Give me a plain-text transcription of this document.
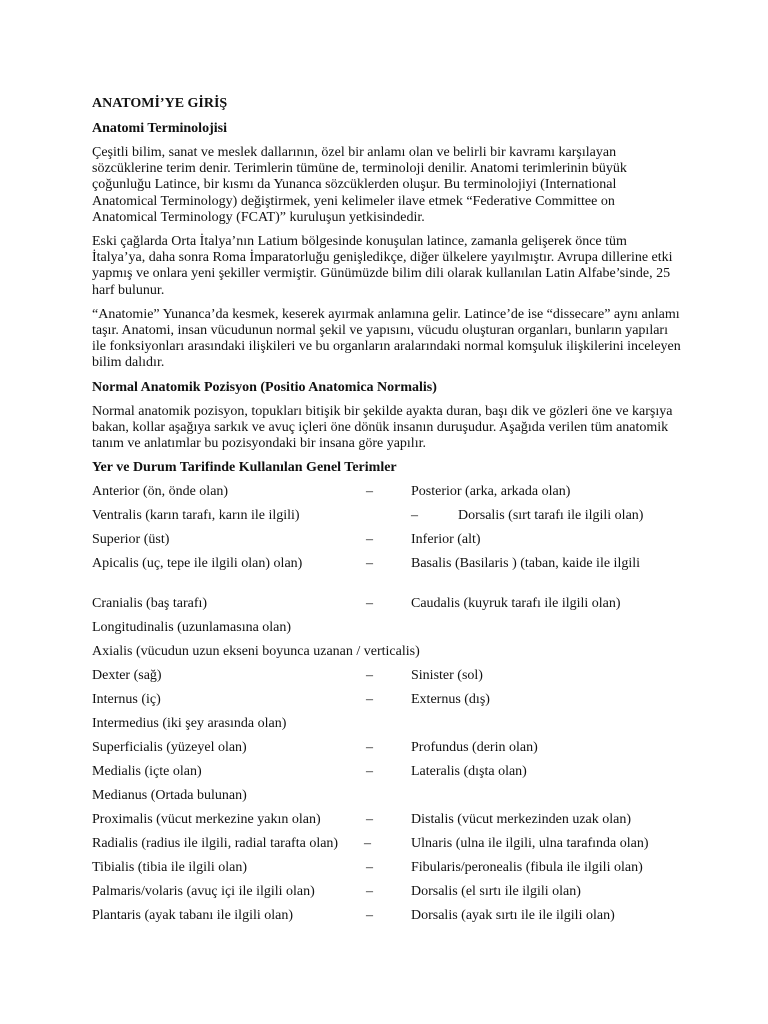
ANATOMİ’YE GİRİŞ
Anatomi Terminolojisi

Çeşitli bilim, sanat ve meslek dallarının, özel bir anlamı olan ve belirli bir kavramı karşılayan sözcüklerine terim denir. Terimlerin tümüne de, terminoloji denilir. Anatomi terimlerinin büyük çoğunluğu Latince, bir kısmı da Yunanca sözcüklerden oluşur. Bu terminolojiyi (International Anatomical Terminology) değiştirmek, yeni kelimeler ilave etmek “Federative Committee on Anatomical Terminology (FCAT)” kuruluşun yetkisindedir.

Eski çağlarda Orta İtalya’nın Latium bölgesinde konuşulan latince, zamanla gelişerek önce tüm İtalya’ya, daha sonra Roma İmparatorluğu genişledikçe, diğer ülkelere yayılmıştır. Avrupa dillerine etki yapmış ve onlara yeni şekiller vermiştir. Günümüzde bilim dili olarak kullanılan Latin Alfabe’sinde, 25 harf bulunur.

“Anatomie” Yunanca’da kesmek, keserek ayırmak anlamına gelir. Latince’de ise “dissecare” aynı anlamı taşır. Anatomi, insan vücudunun normal şekil ve yapısını, vücudu oluşturan organları, bunların yapıları ile fonksiyonları arasındaki ilişkileri ve bu organların aralarındaki normal komşuluk ilişkilerini inceleyen bilim dalıdır.

Normal Anatomik Pozisyon (Positio Anatomica Normalis)

Normal anatomik pozisyon, topukları bitişik bir şekilde ayakta duran, başı dik ve gözleri öne ve karşıya bakan, kollar aşağıya sarkık ve avuç içleri öne dönük insanın duruşudur. Aşağıda verilen tüm anatomik tanım ve anlatımlar bu pozisyondaki bir insana göre yapılır.

Yer ve Durum Tarifinde Kullanılan Genel Terimler
Anterior (ön, önde olan)	–	Posterior (arka, arkada olan)
Ventralis (karın tarafı, karın ile ilgili)	–	Dorsalis (sırt tarafı ile ilgili olan)
Superior (üst)	–	Inferior (alt)
Apicalis (uç, tepe ile ilgili olan) olan)	–	Basalis (Basilaris ) (taban, kaide ile ilgili
Cranialis (baş tarafı)	–	Caudalis (kuyruk tarafı ile ilgili olan)
Longitudinalis (uzunlamasına olan)
Axialis (vücudun uzun ekseni boyunca uzanan / verticalis)
Dexter (sağ)	–	Sinister (sol)
Internus (iç)	–	Externus (dış)
Intermedius (iki şey arasında olan)
Superficialis (yüzeyel olan)	–	Profundus (derin olan)
Medialis (içte olan)	–	Lateralis (dışta olan)
Medianus (Ortada bulunan)
Proximalis (vücut merkezine yakın olan)	–	Distalis (vücut merkezinden uzak olan)
Radialis (radius ile ilgili, radial tarafta olan) –	Ulnaris (ulna ile ilgili, ulna tarafında olan)
Tibialis (tibia ile ilgili olan)	–	Fibularis/peronealis (fibula ile ilgili olan)
Palmaris/volaris (avuç içi ile ilgili olan)	–	Dorsalis (el sırtı ile ilgili olan)
Plantaris (ayak tabanı ile ilgili olan)	–	Dorsalis (ayak sırtı ile ile ilgili olan)
